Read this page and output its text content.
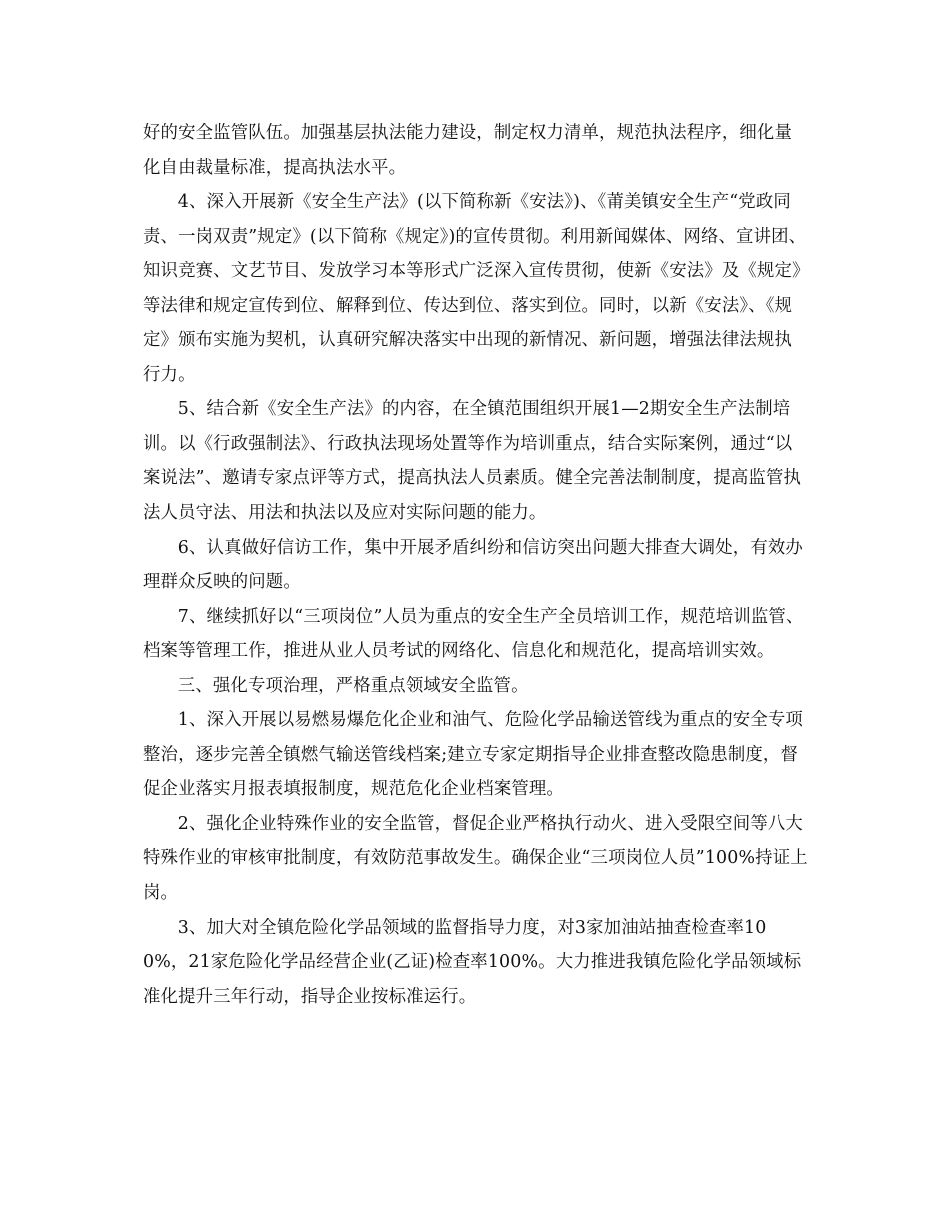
好的安全监管队伍。加强基层执法能力建设，制定权力清单，规范执法程序，细化量化自由裁量标准，提高执法水平。

4、深入开展新《安全生产法》(以下简称新《安法》)、《莆美镇安全生产“党政同责、一岗双责”规定》(以下简称《规定》)的宣传贯彻。利用新闻媒体、网络、宣讲团、知识竞赛、文艺节目、发放学习本等形式广泛深入宣传贯彻，使新《安法》及《规定》等法律和规定宣传到位、解释到位、传达到位、落实到位。同时，以新《安法》、《规定》颁布实施为契机，认真研究解决落实中出现的新情况、新问题，增强法律法规执行力。

5、结合新《安全生产法》的内容，在全镇范围组织开展1—2期安全生产法制培训。以《行政强制法》、行政执法现场处置等作为培训重点，结合实际案例，通过“以案说法”、邀请专家点评等方式，提高执法人员素质。健全完善法制制度，提高监管执法人员守法、用法和执法以及应对实际问题的能力。

6、认真做好信访工作，集中开展矛盾纠纷和信访突出问题大排查大调处，有效办理群众反映的问题。

7、继续抓好以“三项岗位”人员为重点的安全生产全员培训工作，规范培训监管、档案等管理工作，推进从业人员考试的网络化、信息化和规范化，提高培训实效。

三、强化专项治理，严格重点领域安全监管。

1、深入开展以易燃易爆危化企业和油气、危险化学品输送管线为重点的安全专项整治，逐步完善全镇燃气输送管线档案;建立专家定期指导企业排查整改隐患制度，督促企业落实月报表填报制度，规范危化企业档案管理。

2、强化企业特殊作业的安全监管，督促企业严格执行动火、进入受限空间等八大特殊作业的审核审批制度，有效防范事故发生。确保企业“三项岗位人员”100%持证上岗。

3、加大对全镇危险化学品领域的监督指导力度，对3家加油站抽查检查率100%，21家危险化学品经营企业(乙证)检查率100%。大力推进我镇危险化学品领域标准化提升三年行动，指导企业按标准运行。
